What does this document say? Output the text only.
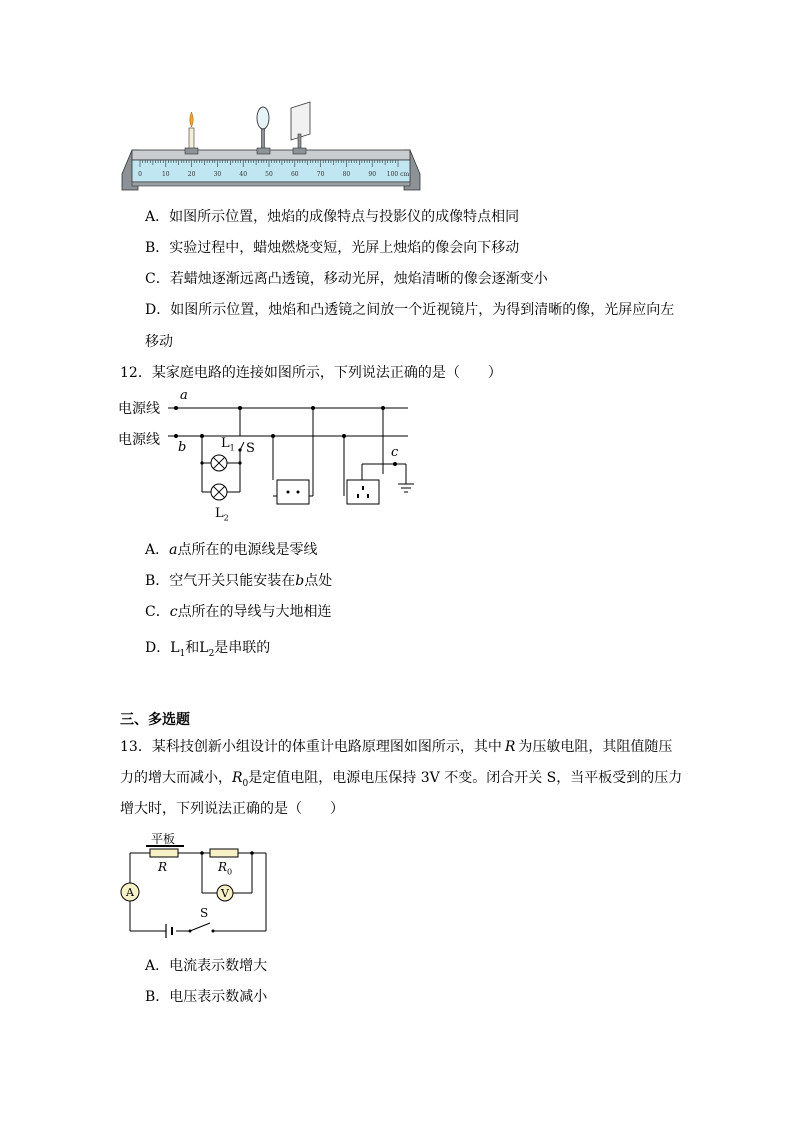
0	10	20	30	40	50	60	70	80	90 100 cm
A．如图所示位置，烛焰的成像特点与投影仪的成像特点相同
B．实验过程中，蜡烛燃烧变短，光屏上烛焰的像会向下移动
C．若蜡烛逐渐远离凸透镜，移动光屏，烛焰清晰的像会逐渐变小
D．如图所示位置，烛焰和凸透镜之间放一个近视镜片，为得到清晰的像，光屏应向左
移动
12．某家庭电路的连接如图所示，下列说法正确的是（　　）
电源线
电源线
a
b	c
$L_1$ S
$L_2$
A．a点所在的电源线是零线
B．空气开关只能安装在b点处
C．c点所在的导线与大地相连
D．$L_1$和$L_2$是串联的
三、多选题
13．某科技创新小组设计的体重计电路原理图如图所示，其中 R 为压敏电阻，其阻值随压
力的增大而减小，$R_0$是定值电阻，电源电压保持 3V 不变。闭合开关 S，当平板受到的压力
增大时，下列说法正确的是（　　）
平板
R	$R_0$
S
A	V
A．电流表示数增大
B．电压表示数减小
